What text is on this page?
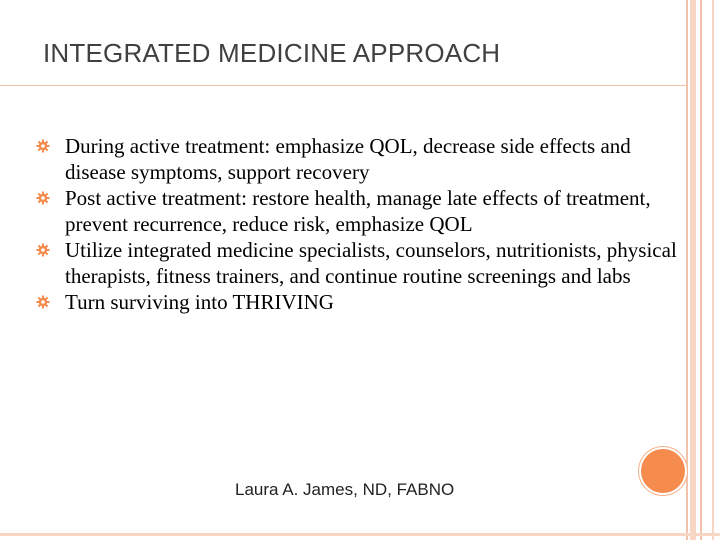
INTEGRATED MEDICINE APPROACH
During active treatment: emphasize QOL, decrease side effects and disease symptoms, support recovery
Post active treatment: restore health, manage late effects of treatment, prevent recurrence, reduce risk, emphasize QOL
Utilize integrated medicine specialists, counselors, nutritionists, physical therapists, fitness trainers, and continue routine screenings and labs
Turn surviving into THRIVING
Laura A. James, ND, FABNO
